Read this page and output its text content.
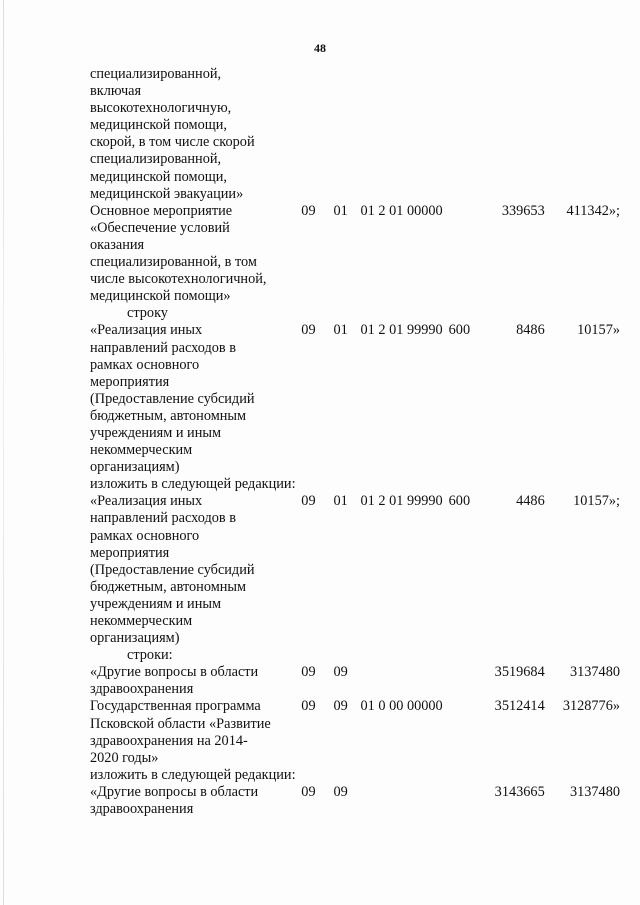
48
специализированной,
включая
высокотехнологичную,
медицинской помощи,
скорой, в том числе скорой
специализированной,
медицинской помощи,
медицинской эвакуации»
Основное мероприятие
«Обеспечение условий
оказания
специализированной, в том
числе высокотехнологичной,
медицинской помощи»
09	01 01 2 01 00000	339653	411342»;
строку
«Реализация иных
направлений расходов в
рамках основного
мероприятия
(Предоставление субсидий
бюджетным, автономным
учреждениям и иным
некоммерческим
организациям)
09	01 01 2 01 99990 600	8486	10157»
изложить в следующей редакции:
«Реализация иных
направлений расходов в
рамках основного
мероприятия
(Предоставление субсидий
бюджетным, автономным
учреждениям и иным
некоммерческим
организациям)
09	01 01 2 01 99990 600	4486	10157»;
строки:
«Другие вопросы в области
здравоохранения
09	09	3519684	3137480
Государственная программа
Псковской области «Развитие
здравоохранения на 2014-
2020 годы»
09	09 01 0 00 00000	3512414	3128776»
изложить в следующей редакции:
«Другие вопросы в области
здравоохранения
09	09	3143665	3137480
